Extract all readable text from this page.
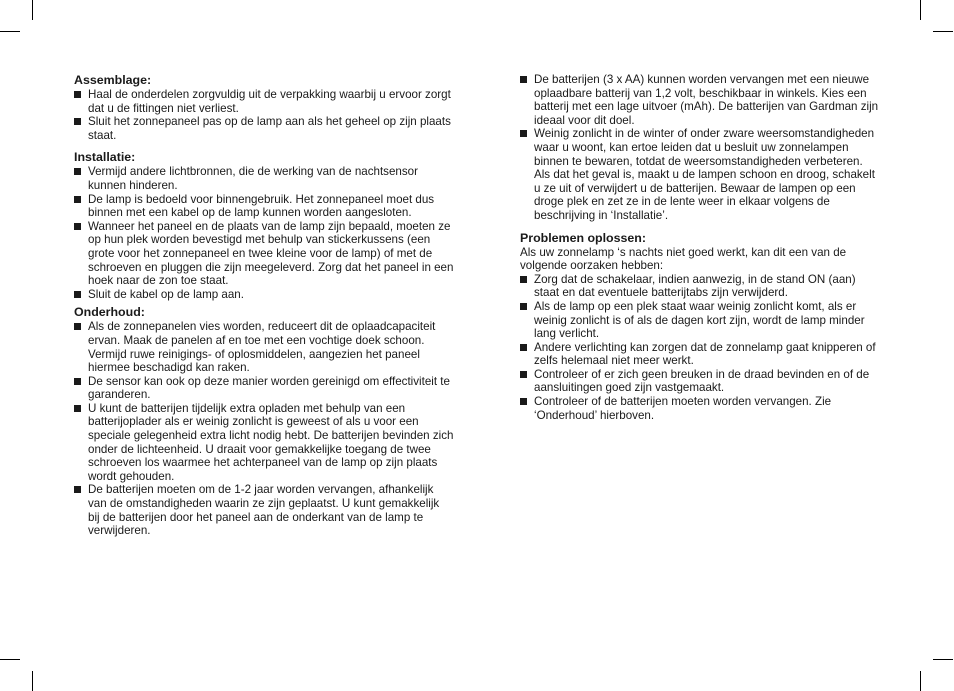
Assemblage:
Haal de onderdelen zorgvuldig uit de verpakking waarbij u ervoor zorgt dat u de fittingen niet verliest.
Sluit het zonnepaneel pas op de lamp aan als het geheel op zijn plaats staat.
Installatie:
Vermijd andere lichtbronnen, die de werking van de nachtsensor kunnen hinderen.
De lamp is bedoeld voor binnengebruik. Het zonnepaneel moet dus binnen met een kabel op de lamp kunnen worden aangesloten.
Wanneer het paneel en de plaats van de lamp zijn bepaald, moeten ze op hun plek worden bevestigd met behulp van stickerkussens (een grote voor het zonnepaneel en twee kleine voor de lamp) of met de schroeven en pluggen die zijn meegeleverd. Zorg dat het paneel in een hoek naar de zon toe staat.
Sluit de kabel op de lamp aan.
Onderhoud:
Als de zonnepanelen vies worden, reduceert dit de oplaadcapaciteit ervan. Maak de panelen af en toe met een vochtige doek schoon. Vermijd ruwe reinigings- of oplosmiddelen, aangezien het paneel hiermee beschadigd kan raken.
De sensor kan ook op deze manier worden gereinigd om effectiviteit te garanderen.
U kunt de batterijen tijdelijk extra opladen met behulp van een batterijoplader als er weinig zonlicht is geweest of als u voor een speciale gelegenheid extra licht nodig hebt. De batterijen bevinden zich onder de lichteenheid. U draait voor gemakkelijke toegang de twee schroeven los waarmee het achterpaneel van de lamp op zijn plaats wordt gehouden.
De batterijen moeten om de 1-2 jaar worden vervangen, afhankelijk van de omstandigheden waarin ze zijn geplaatst. U kunt gemakkelijk bij de batterijen door het paneel aan de onderkant van de lamp te verwijderen.
De batterijen (3 x AA) kunnen worden vervangen met een nieuwe oplaadbare batterij van 1,2 volt, beschikbaar in winkels. Kies een batterij met een lage uitvoer (mAh). De batterijen van Gardman zijn ideaal voor dit doel.
Weinig zonlicht in de winter of onder zware weersomstandigheden waar u woont, kan ertoe leiden dat u besluit uw zonnelampen binnen te bewaren, totdat de weersomstandigheden verbeteren. Als dat het geval is, maakt u de lampen schoon en droog, schakelt u ze uit of verwijdert u de batterijen. Bewaar de lampen op een droge plek en zet ze in de lente weer in elkaar volgens de beschrijving in ‘Installatie’.
Problemen oplossen:

Als uw zonnelamp ‘s nachts niet goed werkt, kan dit een van de volgende oorzaken hebben:

Zorg dat de schakelaar, indien aanwezig, in de stand ON (aan) staat en dat eventuele batterijtabs zijn verwijderd.
Als de lamp op een plek staat waar weinig zonlicht komt, als er weinig zonlicht is of als de dagen kort zijn, wordt de lamp minder lang verlicht.
Andere verlichting kan zorgen dat de zonnelamp gaat knipperen of zelfs helemaal niet meer werkt.
Controleer of er zich geen breuken in de draad bevinden en of de aansluitingen goed zijn vastgemaakt.
Controleer of de batterijen moeten worden vervangen. Zie ‘Onderhoud’ hierboven.
